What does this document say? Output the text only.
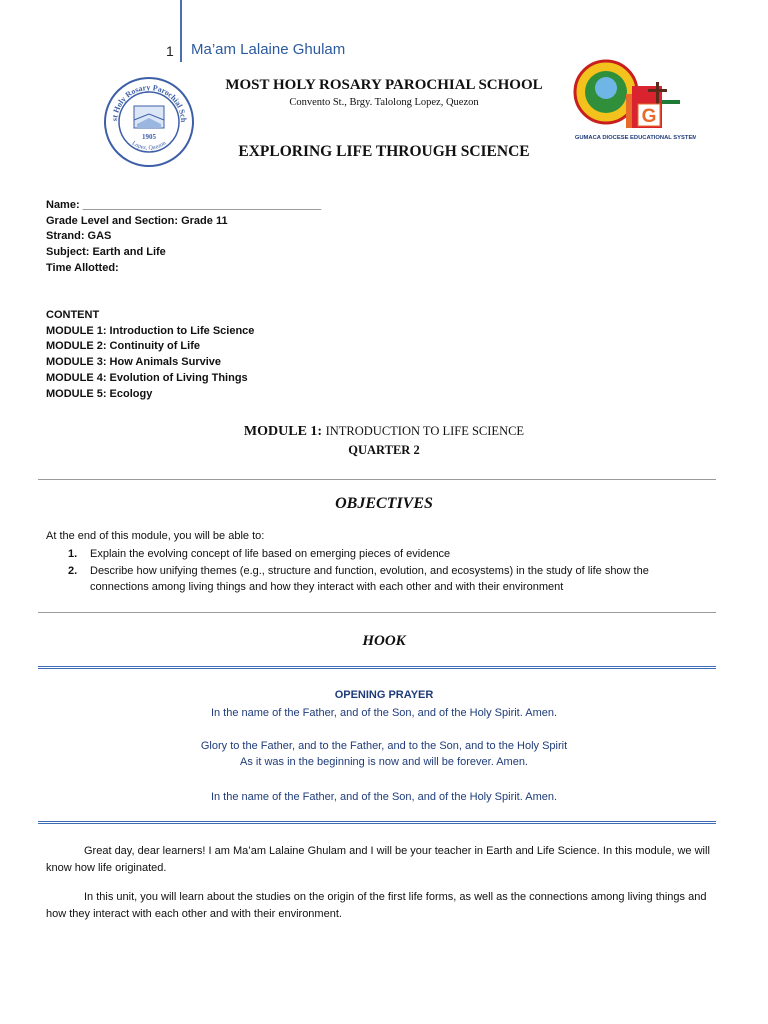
1 Ma’am Lalaine Ghulam
st Holy Rosary Parochial Sch
Lopez, Quezon
1905
G
GUMACA DIOCESE EDUCATIONAL SYSTEM
MOST HOLY ROSARY PAROCHIAL SCHOOL
Convento St., Brgy. Talolong Lopez, Quezon
EXPLORING LIFE THROUGH SCIENCE
Name: _______________________________________
Grade Level and Section: Grade 11
Strand: GAS
Subject: Earth and Life
Time Allotted:
CONTENT
MODULE 1: Introduction to Life Science
MODULE 2: Continuity of Life
MODULE 3: How Animals Survive
MODULE 4: Evolution of Living Things
MODULE 5: Ecology
MODULE 1: INTRODUCTION TO LIFE SCIENCE
QUARTER 2
OBJECTIVES
At the end of this module, you will be able to:
1. Explain the evolving concept of life based on emerging pieces of evidence
2. Describe how unifying themes (e.g., structure and function, evolution, and ecosystems) in the study of life show the connections among living things and how they interact with each other and with their environment
HOOK
OPENING PRAYER
In the name of the Father, and of the Son, and of the Holy Spirit. Amen.
Glory to the Father, and to the Father, and to the Son, and to the Holy Spirit
As it was in the beginning is now and will be forever. Amen.
In the name of the Father, and of the Son, and of the Holy Spirit. Amen.
Great day, dear learners! I am Ma’am Lalaine Ghulam and I will be your teacher in Earth and Life Science. In this module, we will know how life originated.
In this unit, you will learn about the studies on the origin of the first life forms, as well as the connections among living things and how they interact with each other and with their environment.
